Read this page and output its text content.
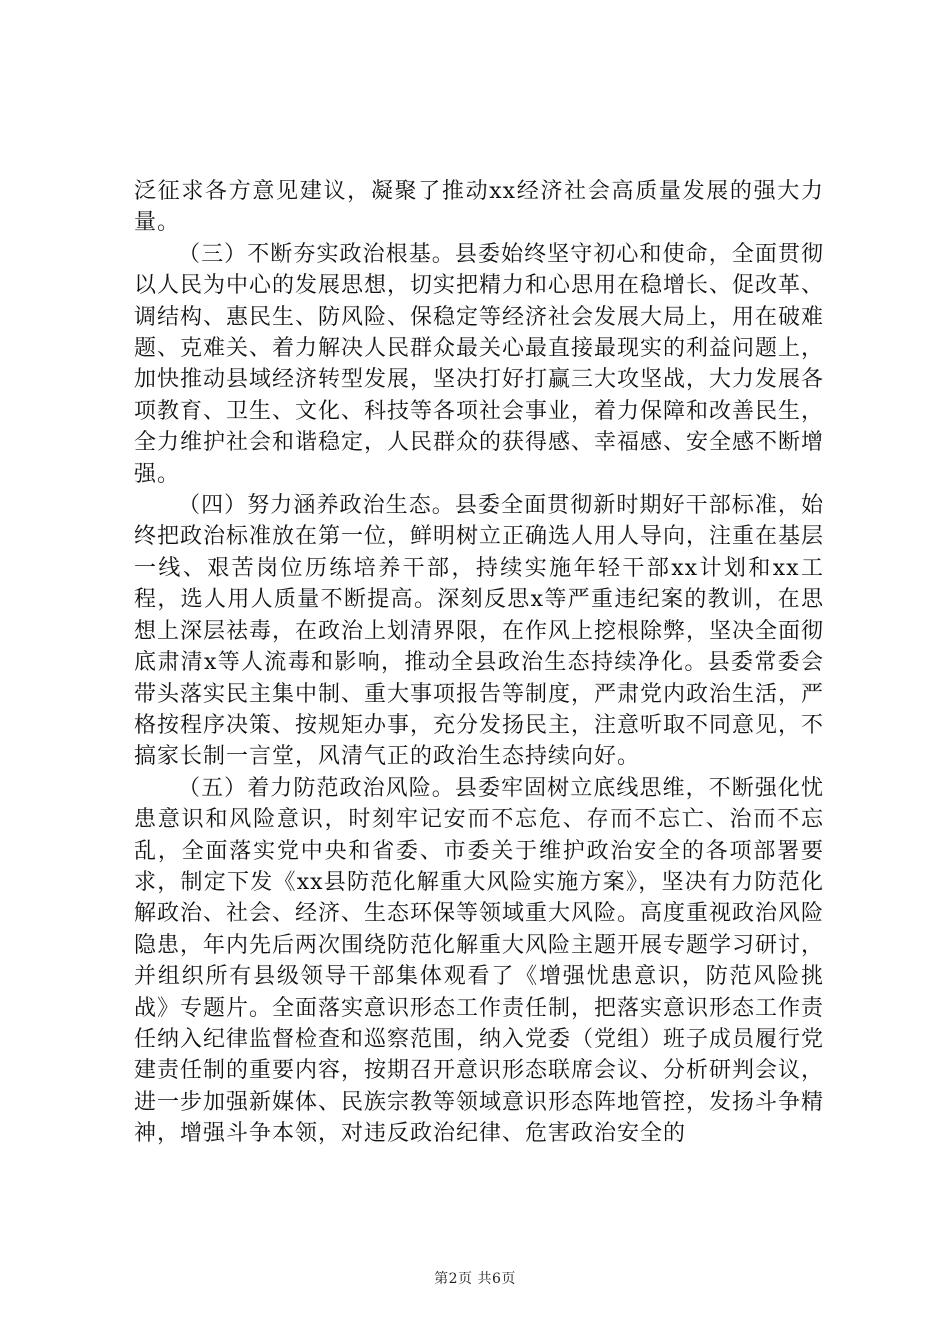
泛征求各方意见建议，凝聚了推动xx经济社会高质量发展的强大力量。

（三）不断夯实政治根基。县委始终坚守初心和使命，全面贯彻以人民为中心的发展思想，切实把精力和心思用在稳增长、促改革、调结构、惠民生、防风险、保稳定等经济社会发展大局上，用在破难题、克难关、着力解决人民群众最关心最直接最现实的利益问题上，加快推动县域经济转型发展，坚决打好打赢三大攻坚战，大力发展各项教育、卫生、文化、科技等各项社会事业，着力保障和改善民生，全力维护社会和谐稳定，人民群众的获得感、幸福感、安全感不断增强。

（四）努力涵养政治生态。县委全面贯彻新时期好干部标准，始终把政治标准放在第一位，鲜明树立正确选人用人导向，注重在基层一线、艰苦岗位历练培养干部，持续实施年轻干部xx计划和xx工程，选人用人质量不断提高。深刻反思x等严重违纪案的教训，在思想上深层祛毒，在政治上划清界限，在作风上挖根除弊，坚决全面彻底肃清x等人流毒和影响，推动全县政治生态持续净化。县委常委会带头落实民主集中制、重大事项报告等制度，严肃党内政治生活，严格按程序决策、按规矩办事，充分发扬民主，注意听取不同意见，不搞家长制一言堂，风清气正的政治生态持续向好。

（五）着力防范政治风险。县委牢固树立底线思维，不断强化忧患意识和风险意识，时刻牢记安而不忘危、存而不忘亡、治而不忘乱，全面落实党中央和省委、市委关于维护政治安全的各项部署要求，制定下发《xx县防范化解重大风险实施方案》，坚决有力防范化解政治、社会、经济、生态环保等领域重大风险。高度重视政治风险隐患，年内先后两次围绕防范化解重大风险主题开展专题学习研讨，并组织所有县级领导干部集体观看了《增强忧患意识，防范风险挑战》专题片。全面落实意识形态工作责任制，把落实意识形态工作责任纳入纪律监督检查和巡察范围，纳入党委（党组）班子成员履行党建责任制的重要内容，按期召开意识形态联席会议、分析研判会议，进一步加强新媒体、民族宗教等领域意识形态阵地管控，发扬斗争精神，增强斗争本领，对违反政治纪律、危害政治安全的

第2页 共6页
